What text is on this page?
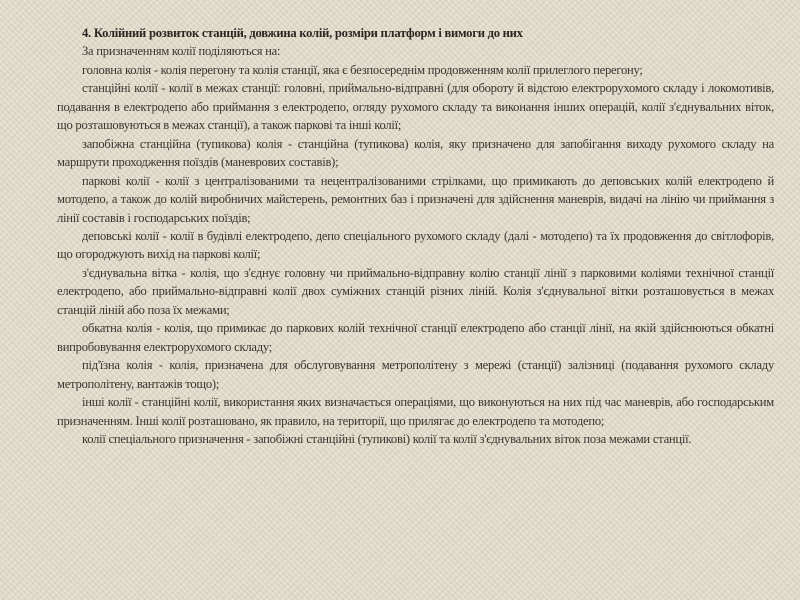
4. Колійний розвиток станцій, довжина колій, розміри платформ і вимоги до них

За призначенням колії поділяються на:

головна колія - колія перегону та колія станції, яка є безпосереднім продовженням колії прилеглого перегону;

станційні колії - колії в межах станції: головні, приймально-відправні (для обороту й відстою електрорухомого складу і локомотивів, подавання в електродепо або приймання з електродепо, огляду рухомого складу та виконання інших операцій, колії з'єднувальних віток, що розташовуються в межах станції), а також паркові та інші колії;

запобіжна станційна (тупикова) колія - станційна (тупикова) колія, яку призначено для запобігання виходу рухомого складу на маршрути проходження поїздів (маневрових составів);

паркові колії - колії з централізованими та нецентралізованими стрілками, що примикають до деповських колій електродепо й мотодепо, а також до колій виробничих майстерень, ремонтних баз і призначені для здійснення маневрів, видачі на лінію чи приймання з лінії составів і господарських поїздів;

деповські колії - колії в будівлі електродепо, депо спеціального рухомого складу (далі - мотодепо) та їх продовження до світлофорів, що огороджують вихід на паркові колії;

з'єднувальна вітка - колія, що з'єднує головну чи приймально-відправну колію станції лінії з парковими коліями технічної станції електродепо, або приймально-відправні колії двох суміжних станцій різних ліній. Колія з'єднувальної вітки розташовується в межах станцій ліній або поза їх межами;

обкатна колія - колія, що примикає до паркових колій технічної станції електродепо або станції лінії, на якій здійснюються обкатні випробовування електрорухомого складу;

під'їзна колія - колія, призначена для обслуговування метрополітену з мережі (станції) залізниці (подавання рухомого складу метрополітену, вантажів тощо);

інші колії - станційні колії, використання яких визначається операціями, що виконуються на них під час маневрів, або господарським призначенням. Інші колії розташовано, як правило, на території, що прилягає до електродепо та мотодепо;

колії спеціального призначення - запобіжні станційні (тупикові) колії та колії з'єднувальних віток поза межами станції.
